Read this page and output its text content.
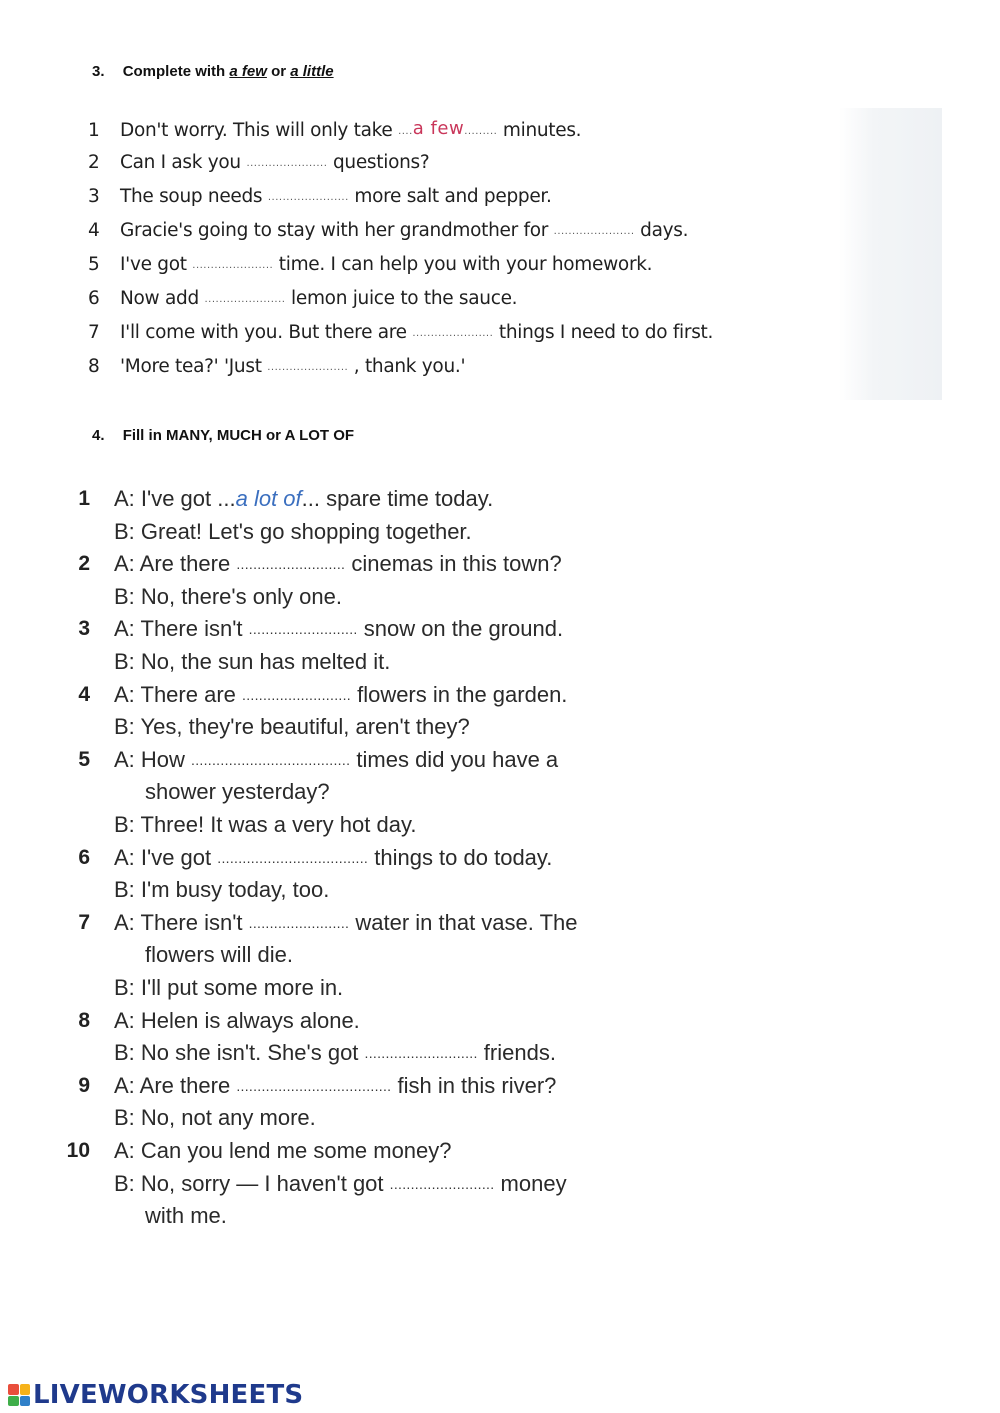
3. Complete with a few or a little
1 Don't worry. This will only take ....a few......... minutes.
2 Can I ask you ...................... questions?
3 The soup needs ...................... more salt and pepper.
4 Gracie's going to stay with her grandmother for ...................... days.
5 I've got ...................... time. I can help you with your homework.
6 Now add ...................... lemon juice to the sauce.
7 I'll come with you. But there are ...................... things I need to do first.
8 'More tea?' 'Just ...................... , thank you.'
4. Fill in MANY, MUCH or A LOT OF
1 A: I've got ...a lot of... spare time today.
B: Great! Let's go shopping together.
2 A: Are there .......................... cinemas in this town?
B: No, there's only one.
3 A: There isn't .......................... snow on the ground.
B: No, the sun has melted it.
4 A: There are .......................... flowers in the garden.
B: Yes, they're beautiful, aren't they?
5 A: How ...................................... times did you have a
shower yesterday?
B: Three! It was a very hot day.
6 A: I've got .................................... things to do today.
B: I'm busy today, too.
7 A: There isn't ........................ water in that vase. The
flowers will die.
B: I'll put some more in.
8 A: Helen is always alone.
B: No she isn't. She's got ........................... friends.
9 A: Are there ..................................... fish in this river?
B: No, not any more.
10 A: Can you lend me some money?
B: No, sorry — I haven't got ......................... money
with me.
LIVEWORKSHEETS
